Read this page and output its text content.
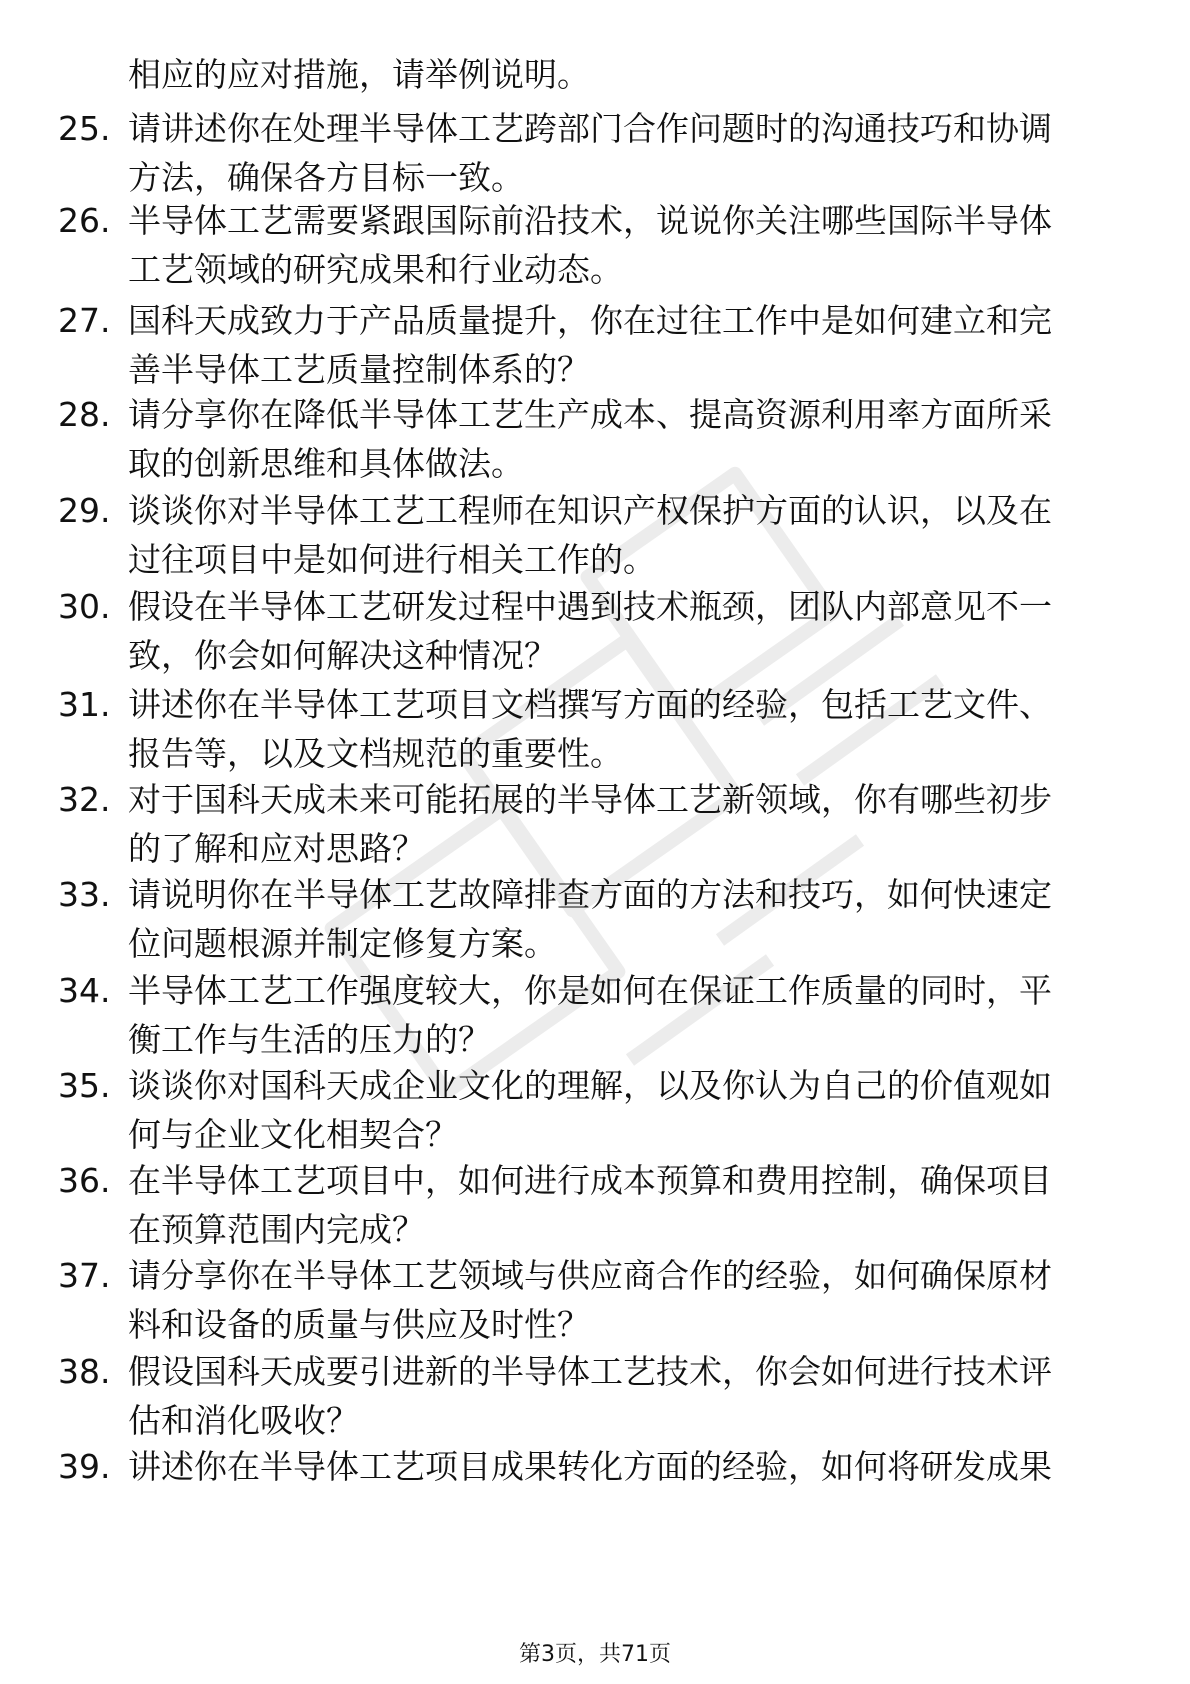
相应的应对措施，请举例说明。

25. 请讲述你在处理半导体工艺跨部门合作问题时的沟通技巧和协调
方法，确保各方目标一致。
26. 半导体工艺需要紧跟国际前沿技术，说说你关注哪些国际半导体
工艺领域的研究成果和行业动态。
27. 国科天成致力于产品质量提升，你在过往工作中是如何建立和完
善半导体工艺质量控制体系的？
28. 请分享你在降低半导体工艺生产成本、提高资源利用率方面所采
取的创新思维和具体做法。
29. 谈谈你对半导体工艺工程师在知识产权保护方面的认识，以及在
过往项目中是如何进行相关工作的。
30. 假设在半导体工艺研发过程中遇到技术瓶颈，团队内部意见不一
致，你会如何解决这种情况？
31. 讲述你在半导体工艺项目文档撰写方面的经验，包括工艺文件、
报告等，以及文档规范的重要性。
32. 对于国科天成未来可能拓展的半导体工艺新领域，你有哪些初步
的了解和应对思路？
33. 请说明你在半导体工艺故障排查方面的方法和技巧，如何快速定
位问题根源并制定修复方案。
34. 半导体工艺工作强度较大，你是如何在保证工作质量的同时，平
衡工作与生活的压力的？
35. 谈谈你对国科天成企业文化的理解，以及你认为自己的价值观如
何与企业文化相契合？
36. 在半导体工艺项目中，如何进行成本预算和费用控制，确保项目
在预算范围内完成？
37. 请分享你在半导体工艺领域与供应商合作的经验，如何确保原材
料和设备的质量与供应及时性？
38. 假设国科天成要引进新的半导体工艺技术，你会如何进行技术评
估和消化吸收？
39. 讲述你在半导体工艺项目成果转化方面的经验，如何将研发成果
第3页，共71页
